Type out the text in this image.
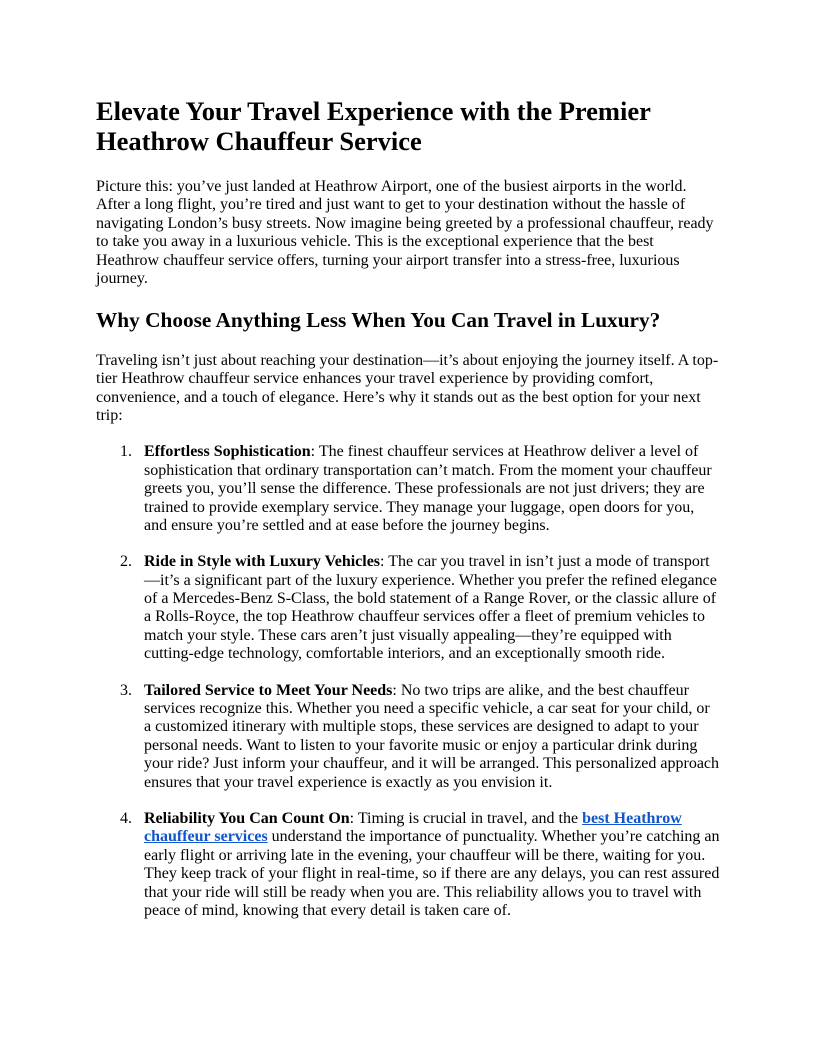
Elevate Your Travel Experience with the Premier Heathrow Chauffeur Service

Picture this: you’ve just landed at Heathrow Airport, one of the busiest airports in the world. After a long flight, you’re tired and just want to get to your destination without the hassle of navigating London’s busy streets. Now imagine being greeted by a professional chauffeur, ready to take you away in a luxurious vehicle. This is the exceptional experience that the best Heathrow chauffeur service offers, turning your airport transfer into a stress-free, luxurious journey.

Why Choose Anything Less When You Can Travel in Luxury?

Traveling isn’t just about reaching your destination—it’s about enjoying the journey itself. A top-tier Heathrow chauffeur service enhances your travel experience by providing comfort, convenience, and a touch of elegance. Here’s why it stands out as the best option for your next trip:

1. Effortless Sophistication: The finest chauffeur services at Heathrow deliver a level of sophistication that ordinary transportation can’t match. From the moment your chauffeur greets you, you’ll sense the difference. These professionals are not just drivers; they are trained to provide exemplary service. They manage your luggage, open doors for you, and ensure you’re settled and at ease before the journey begins.
2. Ride in Style with Luxury Vehicles: The car you travel in isn’t just a mode of transport—it’s a significant part of the luxury experience. Whether you prefer the refined elegance of a Mercedes-Benz S-Class, the bold statement of a Range Rover, or the classic allure of a Rolls-Royce, the top Heathrow chauffeur services offer a fleet of premium vehicles to match your style. These cars aren’t just visually appealing—they’re equipped with cutting-edge technology, comfortable interiors, and an exceptionally smooth ride.
3. Tailored Service to Meet Your Needs: No two trips are alike, and the best chauffeur services recognize this. Whether you need a specific vehicle, a car seat for your child, or a customized itinerary with multiple stops, these services are designed to adapt to your personal needs. Want to listen to your favorite music or enjoy a particular drink during your ride? Just inform your chauffeur, and it will be arranged. This personalized approach ensures that your travel experience is exactly as you envision it.
4. Reliability You Can Count On: Timing is crucial in travel, and the best Heathrow chauffeur services understand the importance of punctuality. Whether you’re catching an early flight or arriving late in the evening, your chauffeur will be there, waiting for you. They keep track of your flight in real-time, so if there are any delays, you can rest assured that your ride will still be ready when you are. This reliability allows you to travel with peace of mind, knowing that every detail is taken care of.
